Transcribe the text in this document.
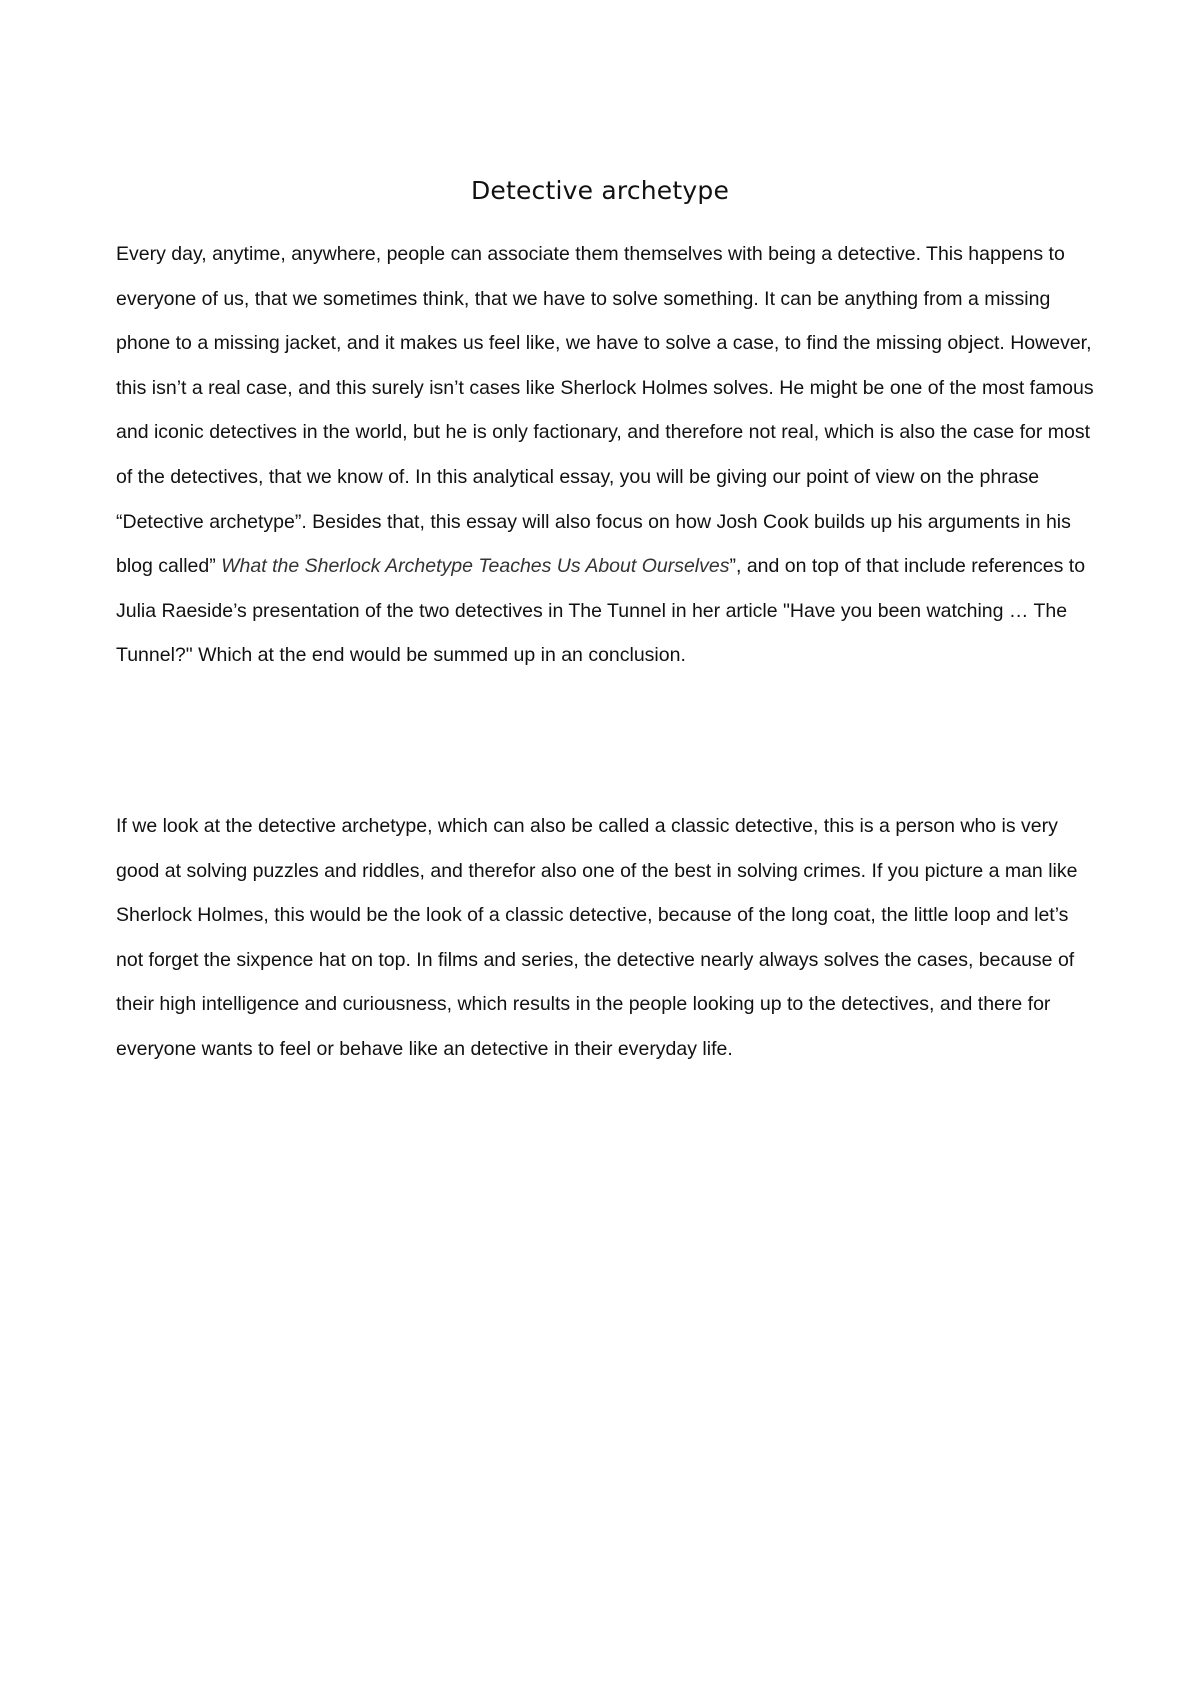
Detective archetype

Every day, anytime, anywhere, people can associate them themselves with being a detective. This happens to everyone of us, that we sometimes think, that we have to solve something. It can be anything from a missing phone to a missing jacket, and it makes us feel like, we have to solve a case, to find the missing object. However, this isn’t a real case, and this surely isn’t cases like Sherlock Holmes solves. He might be one of the most famous and iconic detectives in the world, but he is only factionary, and therefore not real, which is also the case for most of the detectives, that we know of. In this analytical essay, you will be giving our point of view on the phrase “Detective archetype”. Besides that, this essay will also focus on how Josh Cook builds up his arguments in his blog called” What the Sherlock Archetype Teaches Us About Ourselves”, and on top of that include references to Julia Raeside’s presentation of the two detectives in The Tunnel in her article "Have you been watching … The Tunnel?" Which at the end would be summed up in an conclusion.

If we look at the detective archetype, which can also be called a classic detective, this is a person who is very good at solving puzzles and riddles, and therefor also one of the best in solving crimes. If you picture a man like Sherlock Holmes, this would be the look of a classic detective, because of the long coat, the little loop and let’s not forget the sixpence hat on top. In films and series, the detective nearly always solves the cases, because of their high intelligence and curiousness, which results in the people looking up to the detectives, and there for everyone wants to feel or behave like an detective in their everyday life.
